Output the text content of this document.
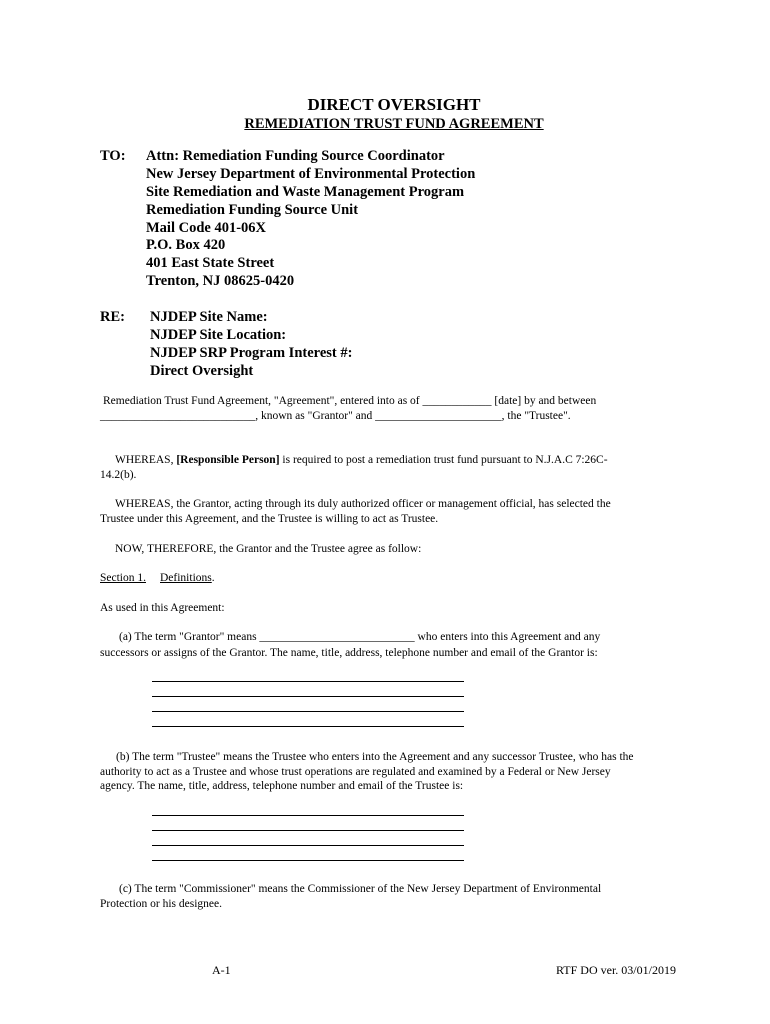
DIRECT OVERSIGHT
REMEDIATION TRUST FUND AGREEMENT
TO: Attn: Remediation Funding Source Coordinator
New Jersey Department of Environmental Protection
Site Remediation and Waste Management Program
Remediation Funding Source Unit
Mail Code 401-06X
P.O. Box 420
401 East State Street
Trenton, NJ 08625-0420
RE: NJDEP Site Name:
NJDEP Site Location:
NJDEP SRP Program Interest #:
Direct Oversight
Remediation Trust Fund Agreement, "Agreement", entered into as of ____________ [date] by and between
___________________________, known as "Grantor" and ______________________, the "Trustee".
WHEREAS, [Responsible Person] is required to post a remediation trust fund pursuant to N.J.A.C 7:26C-
14.2(b).
WHEREAS, the Grantor, acting through its duly authorized officer or management official, has selected the
Trustee under this Agreement, and the Trustee is willing to act as Trustee.
NOW, THEREFORE, the Grantor and the Trustee agree as follow:
Section 1. Definitions.
As used in this Agreement:
(a) The term "Grantor" means ___________________________ who enters into this Agreement and any
successors or assigns of the Grantor. The name, title, address, telephone number and email of the Grantor is:
(b) The term "Trustee" means the Trustee who enters into the Agreement and any successor Trustee, who has the
authority to act as a Trustee and whose trust operations are regulated and examined by a Federal or New Jersey
agency. The name, title, address, telephone number and email of the Trustee is:
(c) The term "Commissioner" means the Commissioner of the New Jersey Department of Environmental
Protection or his designee.
A-1	RTF DO ver. 03/01/2019
